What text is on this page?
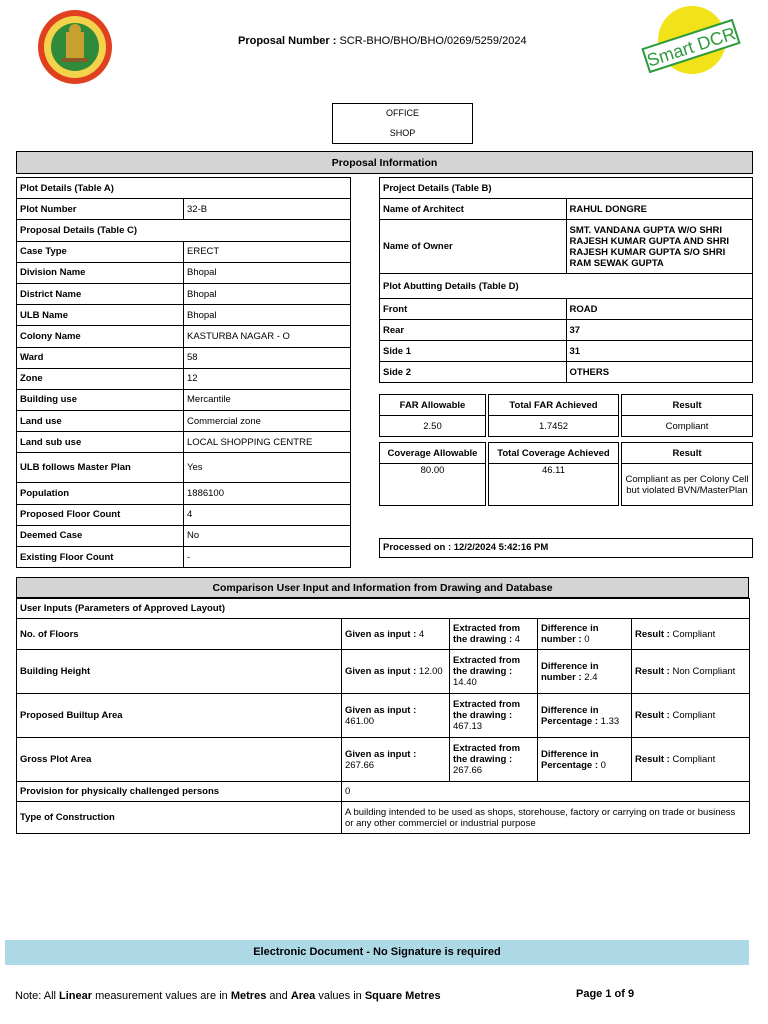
Proposal Number : SCR-BHO/BHO/BHO/0269/5259/2024	Smart DCR
OFFICE
SHOP
Proposal Information
Plot Details (Table A)	
Plot Number	32-B
Proposal Details (Table C)	
Case Type	ERECT
Division Name	Bhopal
District Name	Bhopal
ULB Name	Bhopal
Colony Name	KASTURBA NAGAR - O
Ward	58
Zone	12
Building use	Mercantile
Land use	Commercial zone
Land sub use	LOCAL SHOPPING CENTRE
ULB follows Master Plan	Yes
Population	1886100
Proposed Floor Count	4
Deemed Case	No
Existing Floor Count	-
Project Details (Table B)	
Name of Architect	RAHUL DONGRE
Name of Owner	SMT. VANDANA GUPTA W/O SHRI RAJESH KUMAR GUPTA AND SHRI RAJESH KUMAR GUPTA S/O SHRI RAM SEWAK GUPTA
Plot Abutting Details (Table D)	
Front	ROAD
Rear	37
Side 1	31
Side 2	OTHERS
FAR Allowable		Total FAR Achieved		Result
2.50		1.7452		Compliant
Coverage Allowable		Total Coverage Achieved		Result
80.00		46.11		Compliant as per Colony Cell but violated BVN/MasterPlan
Processed on : 12/2/2024 5:42:16 PM
Comparison User Input and Information from Drawing and Database
User Inputs (Parameters of Approved Layout)				
No. of Floors	Given as input : 4	Extracted from the drawing : 4	Difference in number : 0	Result : Compliant
Building Height	Given as input : 12.00	Extracted from the drawing : 14.40	Difference in number : 2.4	Result : Non Compliant
Proposed Builtup Area	Given as input : 461.00	Extracted from the drawing : 467.13	Difference in Percentage : 1.33	Result : Compliant
Gross Plot Area	Given as input : 267.66	Extracted from the drawing : 267.66	Difference in Percentage : 0	Result : Compliant
Provision for physically challenged persons	0			
Type of Construction	A building intended to be used as shops, storehouse, factory or carrying on trade or business or any other commerciel or industrial purpose			
Electronic Document - No Signature is required
Note: All Linear measurement values are in Metres and Area values in Square Metres	Page 1 of 9
